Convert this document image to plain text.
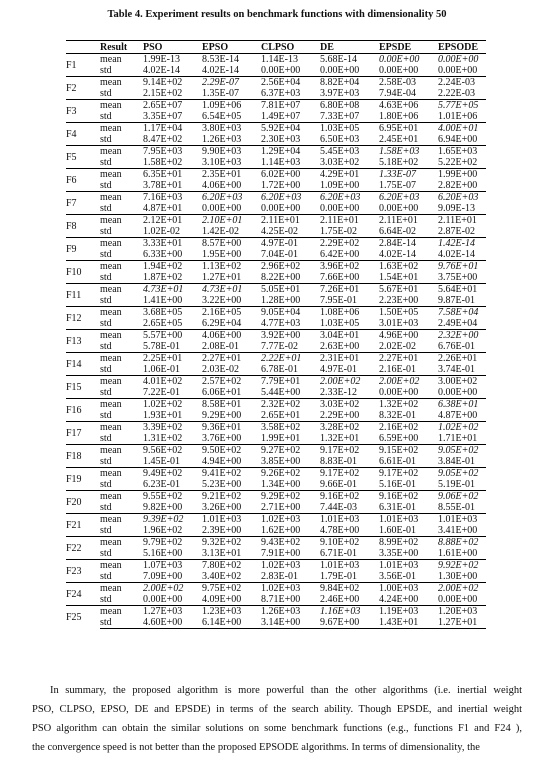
Table 4. Experiment results on benchmark functions with dimensionality 50
	Result	PSO	EPSO	CLPSO	DE	EPSDE	EPSODE
F1	mean	1.99E-13	8.53E-14	1.14E-13	5.68E-14	0.00E+00	0.00E+00
	std	4.02E-14	4.02E-14	0.00E+00	0.00E+00	0.00E+00	0.00E+00
F2	mean	9.14E+02	2.29E-07	2.56E+04	8.82E+04	2.58E-03	2.24E-03
	std	2.15E+02	1.35E-07	6.37E+03	3.97E+03	7.94E-04	2.22E-03
F3	mean	2.65E+07	1.09E+06	7.81E+07	6.80E+08	4.63E+06	5.77E+05
	std	3.35E+07	6.54E+05	1.49E+07	7.33E+07	1.80E+06	1.01E+06
F4	mean	1.17E+04	3.80E+03	5.92E+04	1.03E+05	6.95E+01	4.00E+01
	std	8.47E+02	1.26E+03	2.30E+03	6.50E+03	2.45E+01	6.94E+00
F5	mean	7.95E+03	9.90E+03	1.29E+04	5.45E+03	1.58E+03	1.65E+03
	std	1.58E+02	3.10E+03	1.14E+03	3.03E+02	5.18E+02	5.22E+02
F6	mean	6.35E+01	2.35E+01	6.02E+00	4.29E+01	1.33E-07	1.99E+00
	std	3.78E+01	4.06E+00	1.72E+00	1.09E+00	1.75E-07	2.82E+00
F7	mean	7.16E+03	6.20E+03	6.20E+03	6.20E+03	6.20E+03	6.20E+03
	std	4.87E+01	0.00E+00	0.00E+00	0.00E+00	0.00E+00	9.09E-13
F8	mean	2.12E+01	2.10E+01	2.11E+01	2.11E+01	2.11E+01	2.11E+01
	std	1.02E-02	1.42E-02	4.25E-02	1.75E-02	6.64E-02	2.87E-02
F9	mean	3.33E+01	8.57E+00	4.97E-01	2.29E+02	2.84E-14	1.42E-14
	std	6.33E+00	1.95E+00	7.04E-01	6.42E+00	4.02E-14	4.02E-14
F10	mean	1.94E+02	1.13E+02	2.96E+02	3.96E+02	1.63E+02	9.76E+01
	std	1.87E+02	1.27E+01	8.22E+00	7.66E+00	1.54E+01	3.75E+00
F11	mean	4.73E+01	4.73E+01	5.05E+01	7.26E+01	5.67E+01	5.64E+01
	std	1.41E+00	3.22E+00	1.28E+00	7.95E-01	2.23E+00	9.87E-01
F12	mean	3.68E+05	2.16E+05	9.05E+04	1.08E+06	1.50E+05	7.58E+04
	std	2.65E+05	6.29E+04	4.77E+03	1.03E+05	3.01E+03	2.49E+04
F13	mean	5.57E+00	4.06E+00	3.92E+00	3.04E+01	4.96E+00	2.32E+00
	std	5.78E-01	2.08E-01	7.77E-02	2.63E+00	2.02E-02	6.76E-01
F14	mean	2.25E+01	2.27E+01	2.22E+01	2.31E+01	2.27E+01	2.26E+01
	std	1.06E-01	2.03E-02	6.78E-01	4.97E-01	2.16E-01	3.74E-01
F15	mean	4.01E+02	2.57E+02	7.79E+01	2.00E+02	2.00E+02	3.00E+02
	std	7.22E-01	6.06E+01	5.44E+00	2.33E-12	0.00E+00	0.00E+00
F16	mean	1.02E+02	8.58E+01	2.32E+02	3.03E+02	1.32E+02	6.38E+01
	std	1.93E+01	9.29E+00	2.65E+01	2.29E+00	8.32E-01	4.87E+00
F17	mean	3.39E+02	9.36E+01	3.58E+02	3.28E+02	2.16E+02	1.02E+02
	std	1.31E+02	3.76E+00	1.99E+01	1.32E+01	6.59E+00	1.71E+01
F18	mean	9.56E+02	9.50E+02	9.27E+02	9.17E+02	9.15E+02	9.05E+02
	std	1.45E-01	4.94E+00	3.85E+00	8.83E-01	6.61E-01	3.84E-01
F19	mean	9.49E+02	9.41E+02	9.26E+02	9.17E+02	9.17E+02	9.05E+02
	std	6.23E-01	5.23E+00	1.34E+00	9.66E-01	5.16E-01	5.19E-01
F20	mean	9.55E+02	9.21E+02	9.29E+02	9.16E+02	9.16E+02	9.06E+02
	std	9.82E+00	3.26E+00	2.71E+00	7.44E-03	6.31E-01	8.55E-01
F21	mean	9.39E+02	1.01E+03	1.02E+03	1.01E+03	1.01E+03	1.01E+03
	std	1.96E+02	2.39E+00	1.62E+00	4.78E+00	1.60E-01	3.41E+00
F22	mean	9.79E+02	9.32E+02	9.43E+02	9.10E+02	8.99E+02	8.88E+02
	std	5.16E+00	3.13E+01	7.91E+00	6.71E-01	3.35E+00	1.61E+00
F23	mean	1.07E+03	7.80E+02	1.02E+03	1.01E+03	1.01E+03	9.92E+02
	std	7.09E+00	3.40E+02	2.83E-01	1.79E-01	3.56E-01	1.30E+00
F24	mean	2.00E+02	9.75E+02	1.02E+03	9.84E+02	1.00E+03	2.00E+02
	std	0.00E+00	4.09E+00	8.71E+00	2.46E+00	4.24E+00	0.00E+00
F25	mean	1.27E+03	1.23E+03	1.26E+03	1.16E+03	1.19E+03	1.20E+03
	std	4.60E+00	6.14E+00	3.14E+00	9.67E+00	1.43E+01	1.27E+01
In summary, the proposed algorithm is more powerful than the other algorithms (i.e. inertial weight
PSO, CLPSO, EPSO, DE and EPSDE) in terms of the search ability. Though EPSDE, and inertial weight
PSO algorithm can obtain the similar solutions on some benchmark functions (e.g., functions F1 and F24 ),
the convergence speed is not better than the proposed EPSODE algorithms. In terms of dimensionality, the
